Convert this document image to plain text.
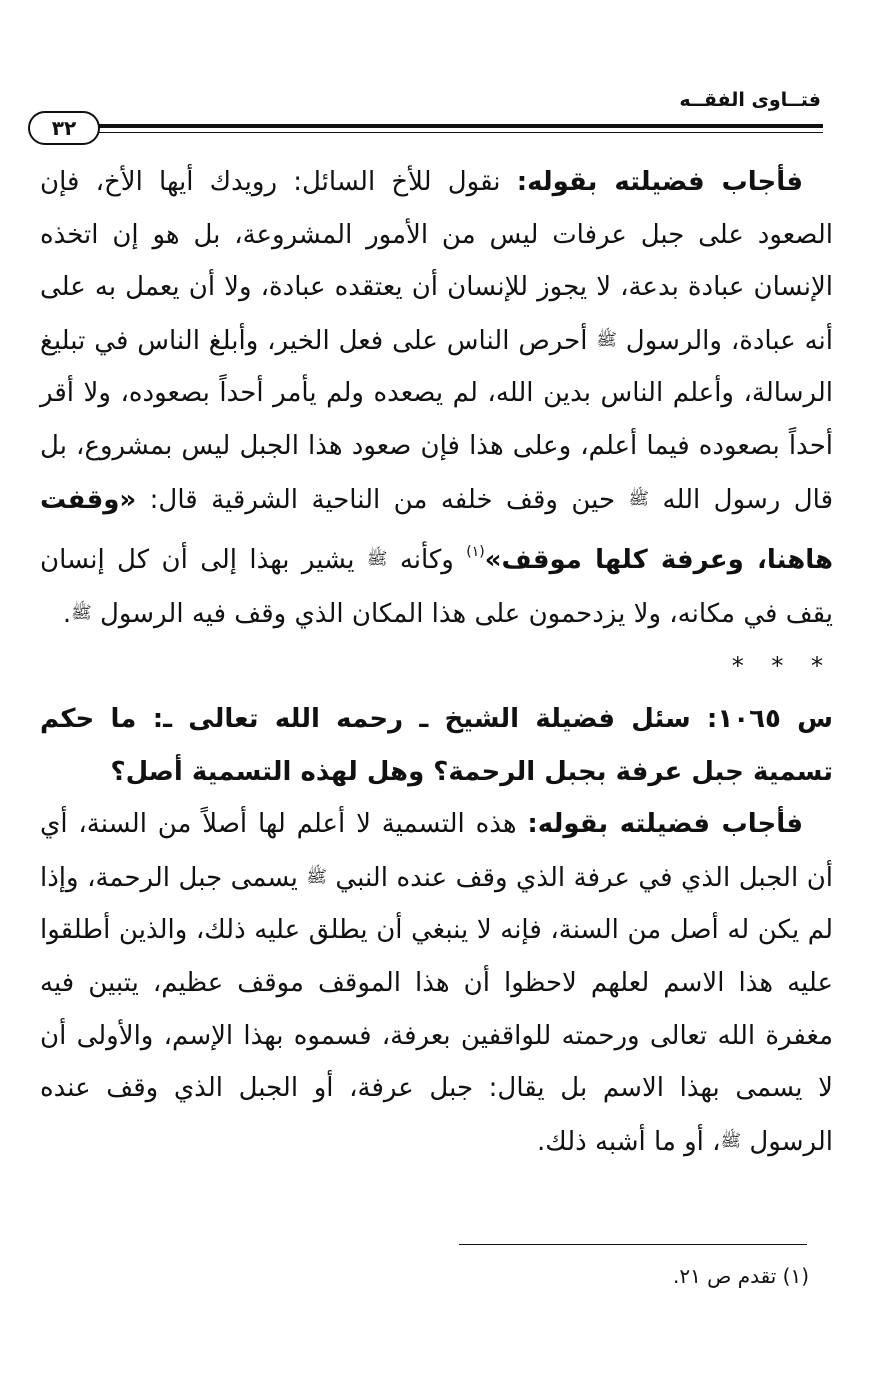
فتــاوى الفقــه
٣٢

فأجاب فضيلته بقوله: نقول للأخ السائل: رويدك أيها الأخ، فإن الصعود على جبل عرفات ليس من الأمور المشروعة، بل هو إن اتخذه الإنسان عبادة بدعة، لا يجوز للإنسان أن يعتقده عبادة، ولا أن يعمل به على أنه عبادة، والرسول ﷺ أحرص الناس على فعل الخير، وأبلغ الناس في تبليغ الرسالة، وأعلم الناس بدين الله، لم يصعده ولم يأمر أحداً بصعوده، ولا أقر أحداً بصعوده فيما أعلم، وعلى هذا فإن صعود هذا الجبل ليس بمشروع، بل قال رسول الله ﷺ حين وقف خلفه من الناحية الشرقية قال: «وقفت هاهنا، وعرفة كلها موقف»$^{(١)}$ وكأنه ﷺ يشير بهذا إلى أن كل إنسان يقف في مكانه، ولا يزدحمون على هذا المكان الذي وقف فيه الرسول ﷺ.

* * *

س ١٠٦٥: سئل فضيلة الشيخ ـ رحمه الله تعالى ـ: ما حكم تسمية جبل عرفة بجبل الرحمة؟ وهل لهذه التسمية أصل؟

فأجاب فضيلته بقوله: هذه التسمية لا أعلم لها أصلاً من السنة، أي أن الجبل الذي في عرفة الذي وقف عنده النبي ﷺ يسمى جبل الرحمة، وإذا لم يكن له أصل من السنة، فإنه لا ينبغي أن يطلق عليه ذلك، والذين أطلقوا عليه هذا الاسم لعلهم لاحظوا أن هذا الموقف موقف عظيم، يتبين فيه مغفرة الله تعالى ورحمته للواقفين بعرفة، فسموه بهذا الإسم، والأولى أن لا يسمى بهذا الاسم بل يقال: جبل عرفة، أو الجبل الذي وقف عنده الرسول ﷺ، أو ما أشبه ذلك.

(١) تقدم ص ٢١.
